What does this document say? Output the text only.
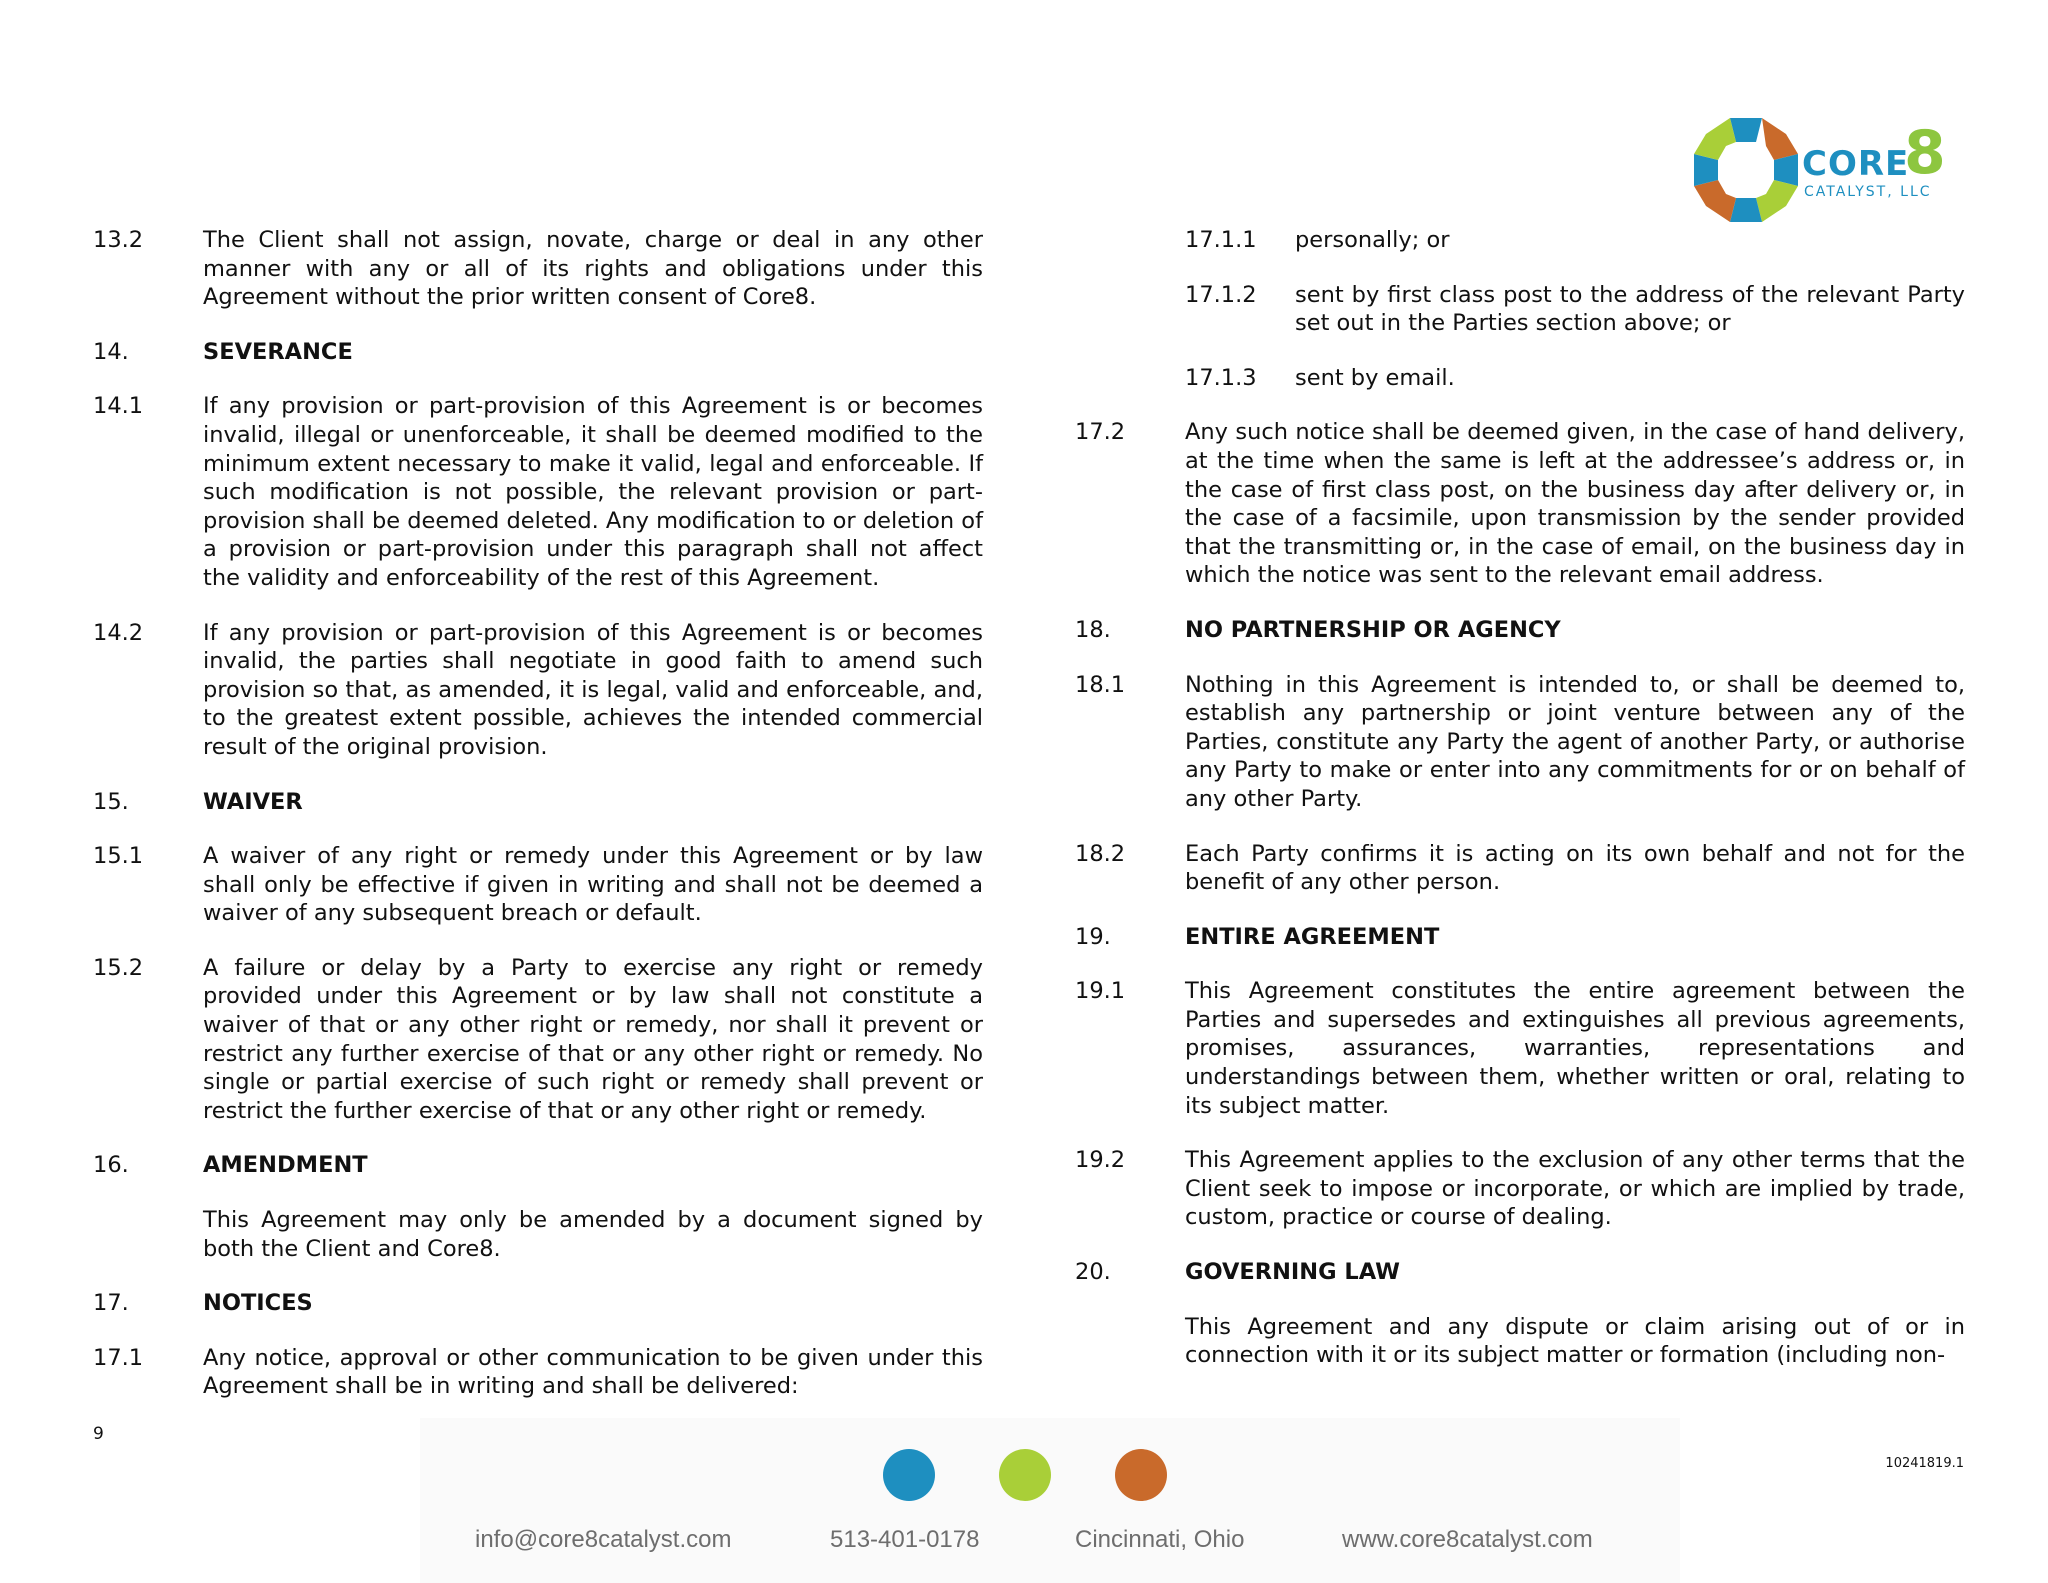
CORE
8
CATALYST, LLC
13.2	The Client shall not assign, novate, charge or deal in any other manner with any or all of its rights and obligations under this Agreement without the prior written consent of Core8.
14.	SEVERANCE
14.1	If any provision or part-provision of this Agreement is or becomes invalid, illegal or unenforceable, it shall be deemed modified to the minimum extent necessary to make it valid, legal and enforceable. If such modification is not possible, the relevant provision or part-provision shall be deemed deleted. Any modification to or deletion of a provision or part-provision under this paragraph shall not affect the validity and enforceability of the rest of this Agreement.
14.2	If any provision or part-provision of this Agreement is or becomes invalid, the parties shall negotiate in good faith to amend such provision so that, as amended, it is legal, valid and enforceable, and, to the greatest extent possible, achieves the intended commercial result of the original provision.
15.	WAIVER
15.1	A waiver of any right or remedy under this Agreement or by law shall only be effective if given in writing and shall not be deemed a waiver of any subsequent breach or default.
15.2	A failure or delay by a Party to exercise any right or remedy provided under this Agreement or by law shall not constitute a waiver of that or any other right or remedy, nor shall it prevent or restrict any further exercise of that or any other right or remedy. No single or partial exercise of such right or remedy shall prevent or restrict the further exercise of that or any other right or remedy.
16.	AMENDMENT
This Agreement may only be amended by a document signed by both the Client and Core8.
17.	NOTICES
17.1	Any notice, approval or other communication to be given under this Agreement shall be in writing and shall be delivered:
17.1.1 personally; or
17.1.2 sent by first class post to the address of the relevant Party set out in the Parties section above; or
17.1.3 sent by email.
17.2	Any such notice shall be deemed given, in the case of hand delivery, at the time when the same is left at the addressee’s address or, in the case of first class post, on the business day after delivery or, in the case of a facsimile, upon transmission by the sender provided that the transmitting or, in the case of email, on the business day in which the notice was sent to the relevant email address.
18.	NO PARTNERSHIP OR AGENCY
18.1	Nothing in this Agreement is intended to, or shall be deemed to, establish any partnership or joint venture between any of the Parties, constitute any Party the agent of another Party, or authorise any Party to make or enter into any commitments for or on behalf of any other Party.
18.2	Each Party confirms it is acting on its own behalf and not for the benefit of any other person.
19.	ENTIRE AGREEMENT
19.1	This Agreement constitutes the entire agreement between the Parties and supersedes and extinguishes all previous agreements, promises, assurances, warranties, representations and understandings between them, whether written or oral, relating to its subject matter.
19.2	This Agreement applies to the exclusion of any other terms that the Client seek to impose or incorporate, or which are implied by trade, custom, practice or course of dealing.
20.	GOVERNING LAW
This Agreement and any dispute or claim arising out of or in connection with it or its subject matter or formation (including non-
9
10241819.1
info@core8catalyst.com	513-401-0178	Cincinnati, Ohio	www.core8catalyst.com
